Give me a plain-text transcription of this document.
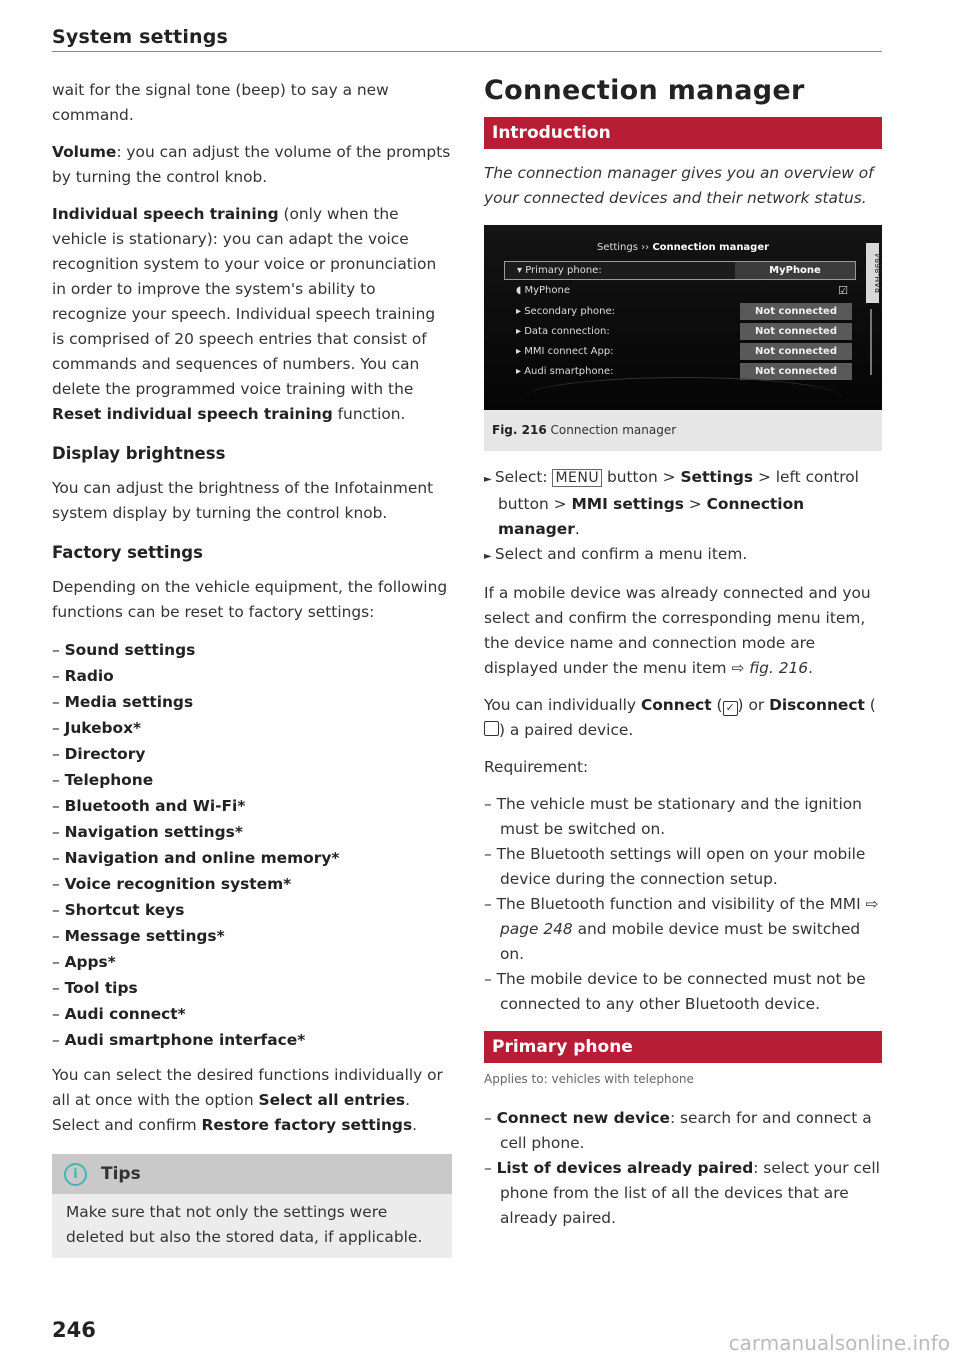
System settings

wait for the signal tone (beep) to say a new command.

Volume: you can adjust the volume of the prompts by turning the control knob.

Individual speech training (only when the vehicle is stationary): you can adapt the voice recognition system to your voice or pronunciation in order to improve the system's ability to recognize your speech. Individual speech training is comprised of 20 speech entries that consist of commands and sequences of numbers. You can delete the programmed voice training with the Reset individual speech training function.

Display brightness

You can adjust the brightness of the Infotainment system display by turning the control knob.

Factory settings

Depending on the vehicle equipment, the following functions can be reset to factory settings:

– Sound settings
– Radio
– Media settings
– Jukebox*
– Directory
– Telephone
– Bluetooth and Wi-Fi*
– Navigation settings*
– Navigation and online memory*
– Voice recognition system*
– Shortcut keys
– Message settings*
– Apps*
– Tool tips
– Audi connect*
– Audi smartphone interface*

You can select the desired functions individually or all at once with the option Select all entries. Select and confirm Restore factory settings.

i	Tips
Make sure that not only the settings were deleted but also the stored data, if applicable.
246
Connection manager
Introduction

The connection manager gives you an overview of your connected devices and their network status.

Settings ›› Connection manager
RAH-8684
▾ Primary phone:	MyPhone
◖ MyPhone	☑
▸ Secondary phone:	Not connected
▸ Data connection:	Not connected
▸ MMI connect App:	Not connected
▸ Audi smartphone:	Not connected
Fig. 216 Connection manager

► Select: MENU button > Settings > left control button > MMI settings > Connection manager.

► Select and confirm a menu item.

If a mobile device was already connected and you select and confirm the corresponding menu item, the device name and connection mode are displayed under the menu item ⇨ fig. 216.

You can individually Connect ( ✓ ) or Disconnect () a paired device.

Requirement:

– The vehicle must be stationary and the ignition must be switched on.
– The Bluetooth settings will open on your mobile device during the connection setup.
– The Bluetooth function and visibility of the MMI ⇨ page 248 and mobile device must be switched on.
– The mobile device to be connected must not be connected to any other Bluetooth device.
Primary phone

Applies to: vehicles with telephone

– Connect new device: search for and connect a cell phone.
– List of devices already paired: select your cell phone from the list of all the devices that are already paired.
carmanualsonline.info
